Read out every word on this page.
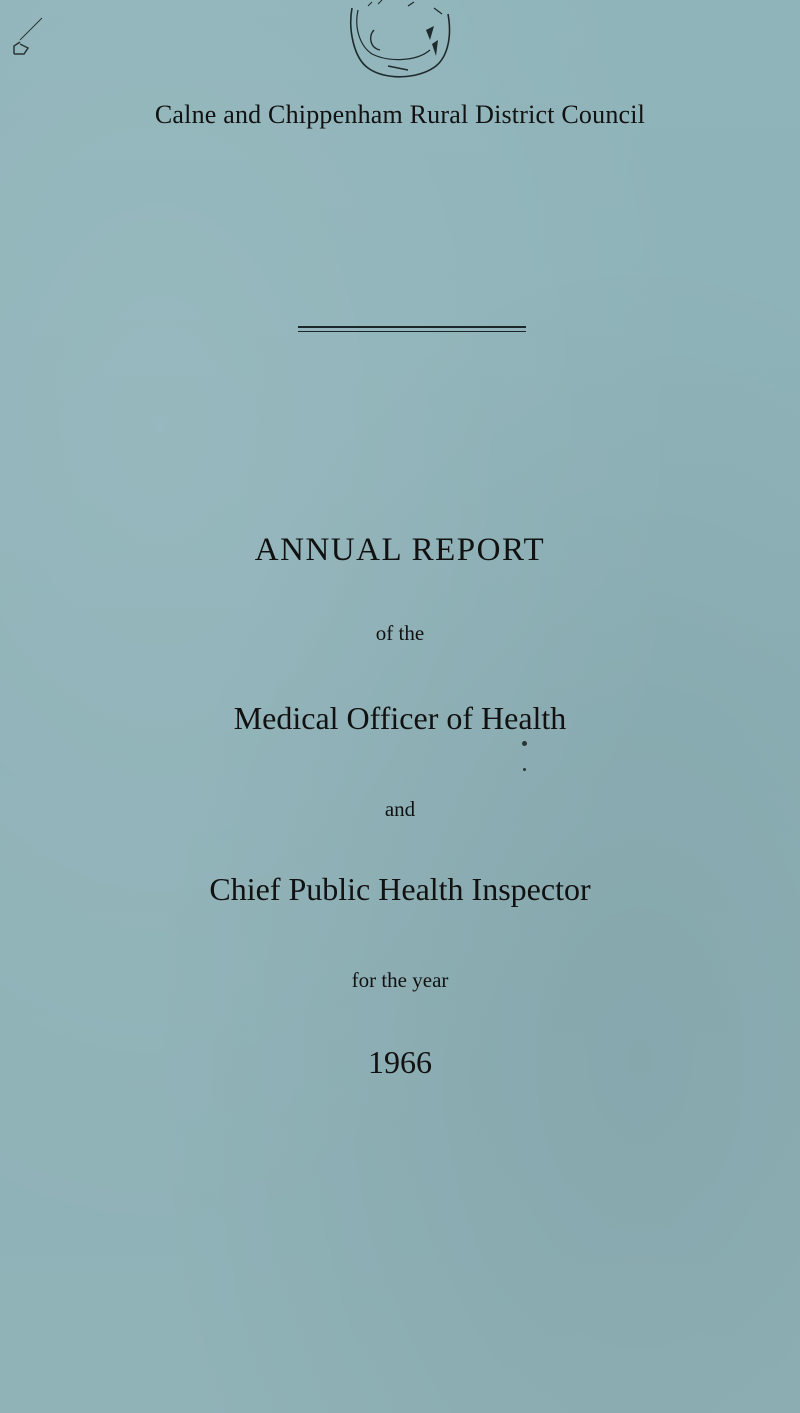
Calne and Chippenham Rural District Council
ANNUAL REPORT
of the
Medical Officer of Health
and
Chief Public Health Inspector
for the year
1966
